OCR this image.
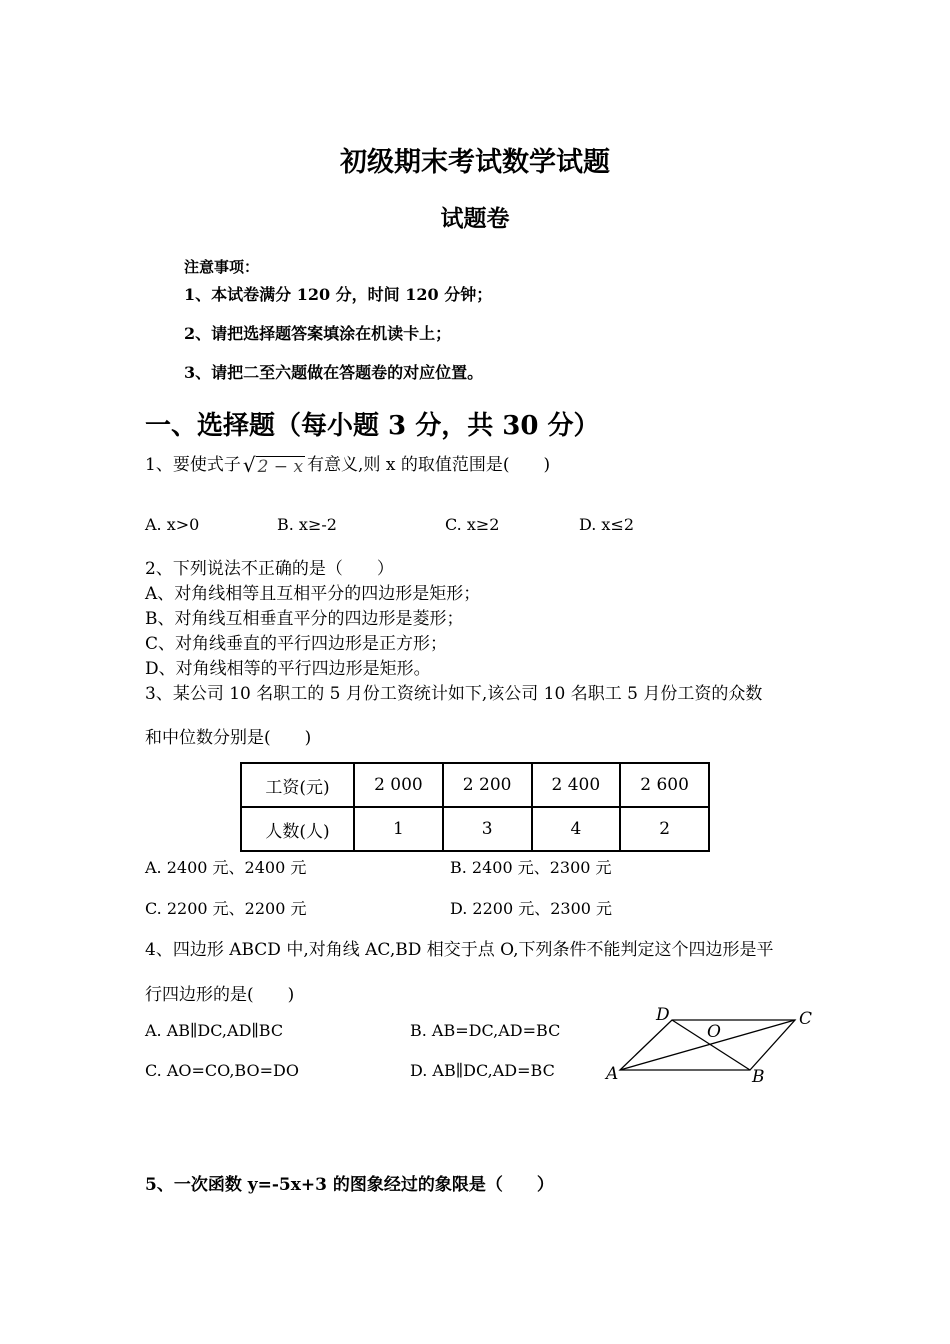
初级期末考试数学试题
试题卷
注意事项：
1、本试卷满分 120 分，时间 120 分钟；
2、请把选择题答案填涂在机读卡上；
3、请把二至六题做在答题卷的对应位置。
一、选择题（每小题 3 分，共 30 分）
1、要使式子 √ 2 − x 有意义,则 x 的取值范围是(　　)
A. x>0	B. x≥-2	C. x≥2	D. x≤2
2、下列说法不正确的是（　　）
A、对角线相等且互相平分的四边形是矩形；
B、对角线互相垂直平分的四边形是菱形；
C、对角线垂直的平行四边形是正方形；
D、对角线相等的平行四边形是矩形。
3、某公司 10 名职工的 5 月份工资统计如下,该公司 10 名职工 5 月份工资的众数
和中位数分别是(　　)
工资(元)	2 000	2 200	2 400	2 600
人数(人)	1	3	4	2
A. 2400 元、2400 元	B. 2400 元、2300 元
C. 2200 元、2200 元	D. 2200 元、2300 元
4、四边形 ABCD 中,对角线 AC,BD 相交于点 O,下列条件不能判定这个四边形是平
行四边形的是(　　)
A. AB∥DC,AD∥BC	B. AB=DC,AD=BC
C. AO=CO,BO=DO	D. AB∥DC,AD=BC	A	B
C
D
O
5、一次函数 y=-5x+3 的图象经过的象限是（　　）
